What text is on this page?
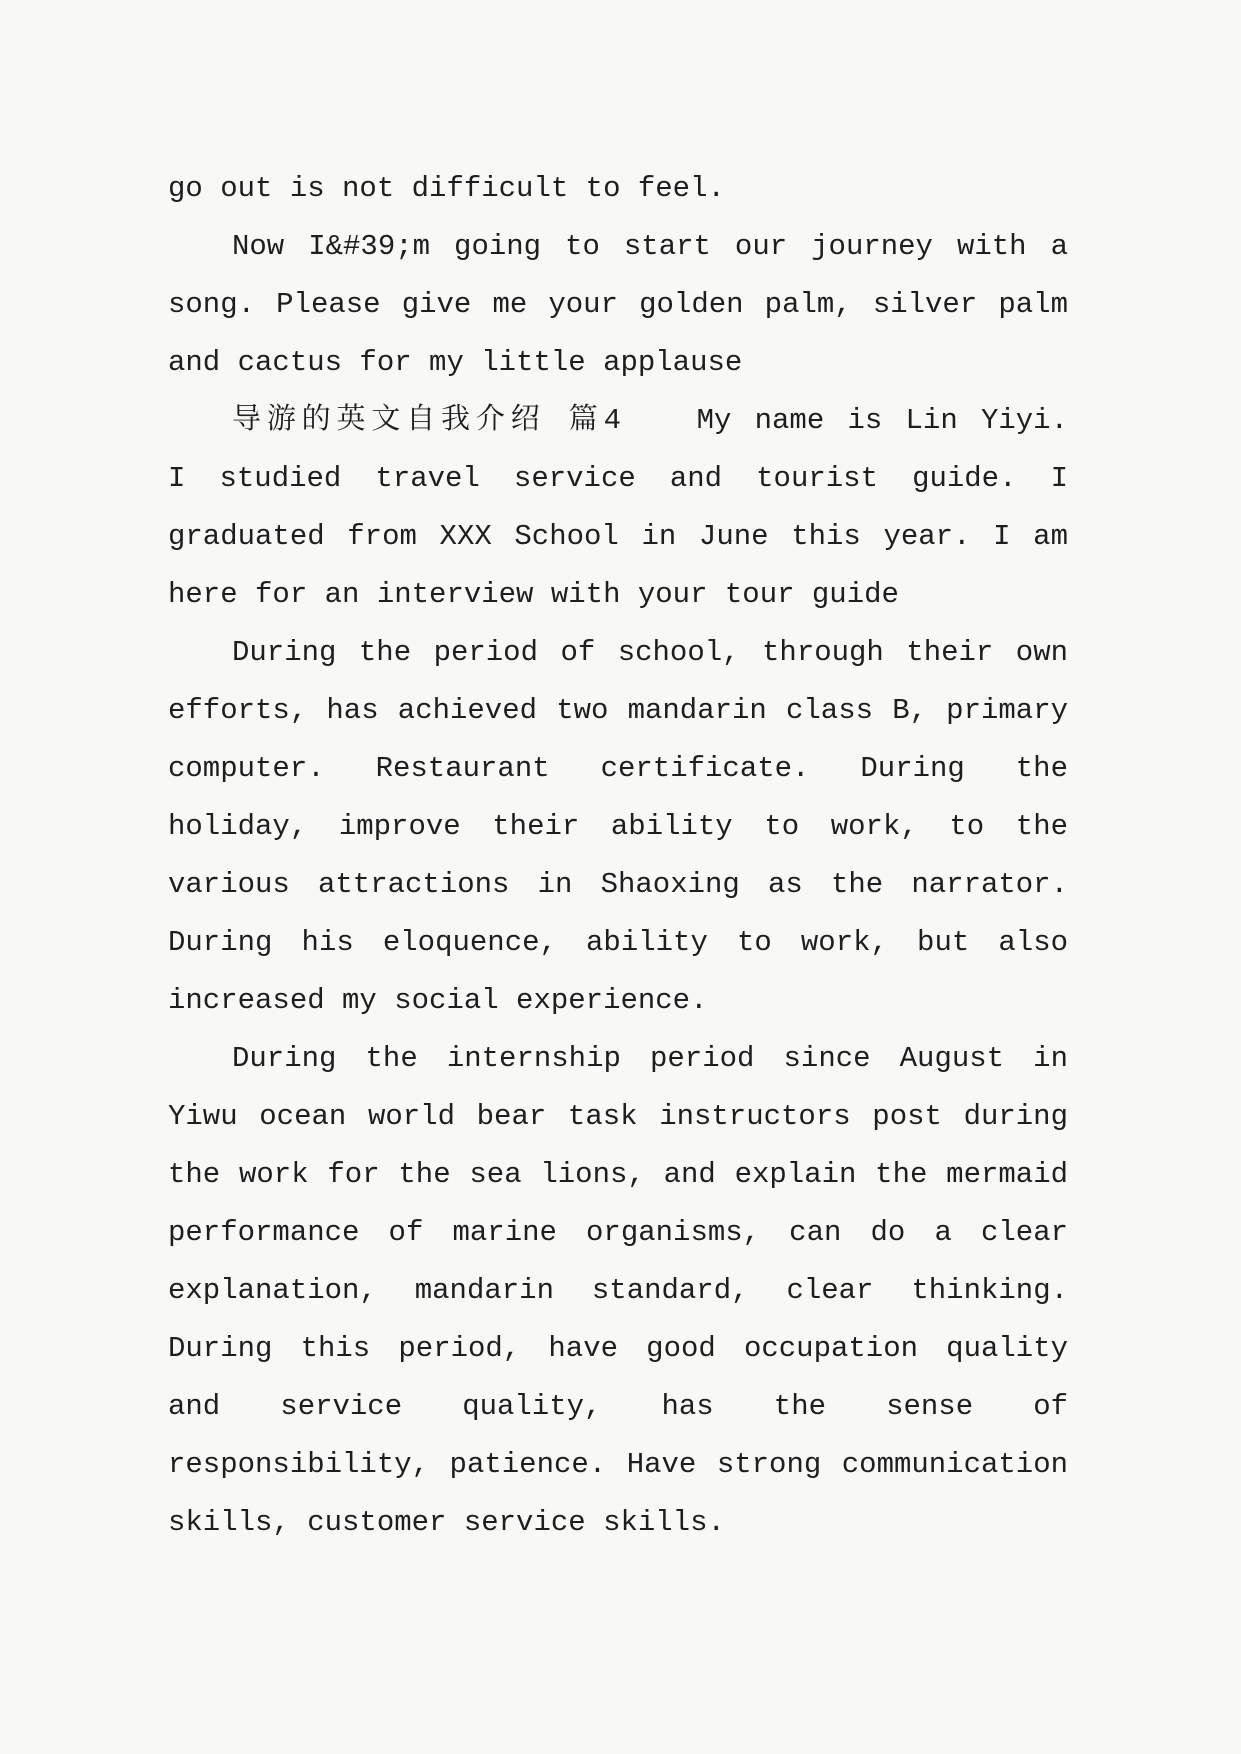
go out is not difficult to feel.
Now I&#39;m going to start our journey with a
song. Please give me your golden palm, silver palm
and cactus for my little applause
导游的英文自我介绍 篇4　　My name is Lin Yiyi.
I studied travel service and tourist guide. I
graduated from XXX School in June this year. I am
here for an interview with your tour guide
During the period of school, through their own
efforts, has achieved two mandarin class B, primary
computer. Restaurant certificate. During the
holiday, improve their ability to work, to the
various attractions in Shaoxing as the narrator.
During his eloquence, ability to work, but also
increased my social experience.
During the internship period since August in
Yiwu ocean world bear task instructors post during
the work for the sea lions, and explain the mermaid
performance of marine organisms, can do a clear
explanation, mandarin standard, clear thinking.
During this period, have good occupation quality
and service quality, has the sense of
responsibility, patience. Have strong communication
skills, customer service skills.
